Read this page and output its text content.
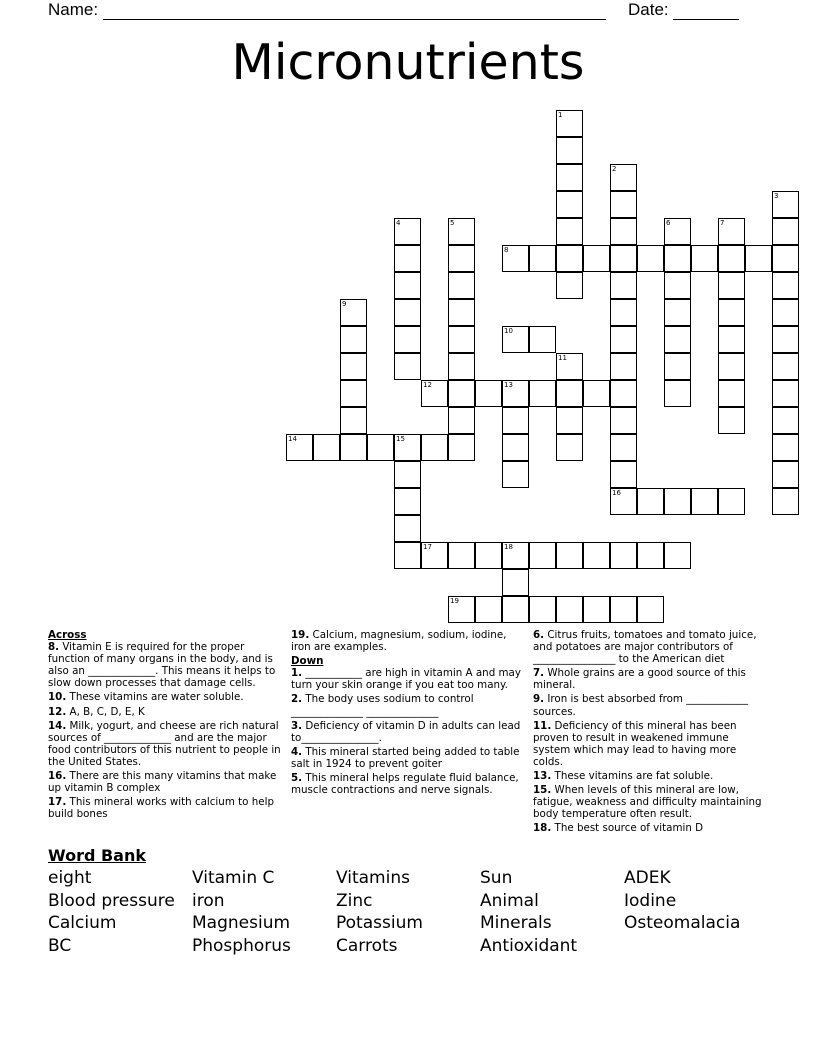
Name:	Date:
Micronutrients
1
2
16
3
4	5	6	7
8
9
10
11
12	13
14	15
17	18
19
Across
8. Vitamin E is required for the proper function of many organs in the body, and is also an _____________. This means it helps to slow down processes that damage cells.
10. These vitamins are water soluble.
12. A, B, C, D, E, K
14. Milk, yogurt, and cheese are rich natural sources of _____________ and are the major food contributors of this nutrient to people in the United States.
16. There are this many vitamins that make up vitamin B complex
17. This mineral works with calcium to help build bones
19. Calcium, magnesium, sodium, iodine, iron are examples.
Down
1. ___________ are high in vitamin A and may turn your skin orange if you eat too many.
2. The body uses sodium to control ______________ ______________
3. Deficiency of vitamin D in adults can lead to_______________.
4. This mineral started being added to table salt in 1924 to prevent goiter
5. This mineral helps regulate fluid balance, muscle contractions and nerve signals.
6. Citrus fruits, tomatoes and tomato juice, and potatoes are major contributors of ________________ to the American diet
7. Whole grains are a good source of this mineral.
9. Iron is best absorbed from ____________ sources.
11. Deficiency of this mineral has been proven to result in weakened immune system which may lead to having more colds.
13. These vitamins are fat soluble.
15. When levels of this mineral are low, fatigue, weakness and difficulty maintaining body temperature often result.
18. The best source of vitamin D
Word Bank
eight	Vitamin C	Vitamins	Sun	ADEK
Blood pressure	iron	Zinc	Animal	Iodine
Calcium	Magnesium	Potassium	Minerals	Osteomalacia
BC	Phosphorus	Carrots	Antioxidant
